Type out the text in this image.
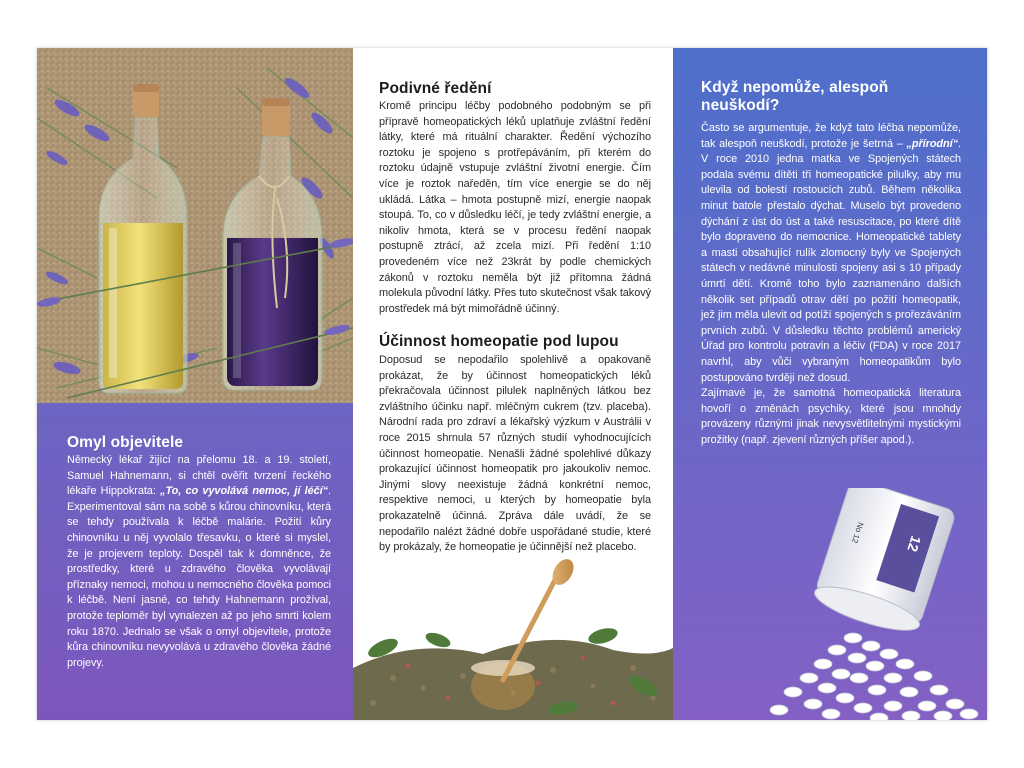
Omyl objevitele

Německý lékař žijící na přelomu 18. a 19. století, Samuel Hahnemann, si chtěl ověřit tvrzení řeckého lékaře Hippokrata: „To, co vyvolává nemoc, jí léčí“. Experimentoval sám na sobě s kůrou chinovníku, která se tehdy používala k léčbě malárie. Požití kůry chinovníku u něj vyvolalo třesavku, o které si myslel, že je projevem teploty. Dospěl tak k domněnce, že prostředky, které u zdravého člověka vyvolávají příznaky nemoci, mohou u nemocného člověka pomoci k léčbě. Není jasné, co tehdy Hahnemann prožíval, protože teploměr byl vynalezen až po jeho smrti kolem roku 1870. Jednalo se však o omyl objevitele, protože kůra chinovníku nevyvolává u zdravého člověka žádné projevy.

Podivné ředění

Kromě principu léčby podobného podobným se při přípravě homeopatických léků uplatňuje zvláštní ředění látky, které má rituální charakter. Ředění výchozího roztoku je spojeno s protřepáváním, při kterém do roztoku údajně vstupuje zvláštní životní energie. Čím více je roztok naředěn, tím více energie se do něj ukládá. Látka – hmota postupně mizí, energie naopak stoupá. To, co v důsledku léčí, je tedy zvláštní energie, a nikoliv hmota, která se v procesu ředění naopak postupně ztrácí, až zcela mizí. Při ředění 1:10 provedeném více než 23krát by podle chemických zákonů v roztoku neměla být již přítomna žádná molekula původní látky. Přes tuto skutečnost však takový prostředek má být mimořádně účinný.

Účinnost homeopatie pod lupou

Doposud se nepodařilo spolehlivě a opakovaně prokázat, že by účinnost homeopatických léků překračovala účinnost pilulek naplněných látkou bez zvláštního účinku např. mléčným cukrem (tzv. placeba). Národní rada pro zdraví a lékařský výzkum v Austrálii v roce 2015 shrnula 57 různých studií vyhodnocujících účinnost homeopatie. Nenašli žádné spolehlivé důkazy prokazující účinnost homeopatik pro jakoukoliv nemoc. Jinými slovy neexistuje žádná konkrétní nemoc, respektive nemoci, u kterých by homeopatie byla prokazatelně účinná. Zpráva dále uvádí, že se nepodařilo nalézt žádné dobře uspořádané studie, které by prokázaly, že homeopatie je účinnější než placebo.

Když nepomůže, alespoň neuškodí?

Často se argumentuje, že když tato léčba nepomůže, tak alespoň neuškodí, protože je šetrná – „přírodní“. V roce 2010 jedna matka ve Spojených státech podala svému dítěti tři homeopatické pilulky, aby mu ulevila od bolestí rostoucích zubů. Během několika minut batole přestalo dýchat. Muselo být provedeno dýchání z úst do úst a také resuscitace, po které dítě bylo dopraveno do nemocnice. Homeopatické tablety a masti obsahující rulík zlomocný byly ve Spojených státech v nedávné minulosti spojeny asi s 10 případy úmrtí dětí. Kromě toho bylo zaznamenáno dalších několik set případů otrav dětí po požití homeopatik, jež jim měla ulevit od potíží spojených s prořezáváním prvních zubů. V důsledku těchto problémů americký Úřad pro kontrolu potravin a léčiv (FDA) v roce 2017 navrhl, aby vůči vybraným homeopatikům bylo postupováno tvrději než dosud.

Zajímavé je, že samotná homeopatická literatura hovoří o změnách psychiky, které jsou mnohdy provázeny různými jinak nevysvětlitelnými mystickými prožitky (např. zjevení různých příšer apod.).

12
No 12
